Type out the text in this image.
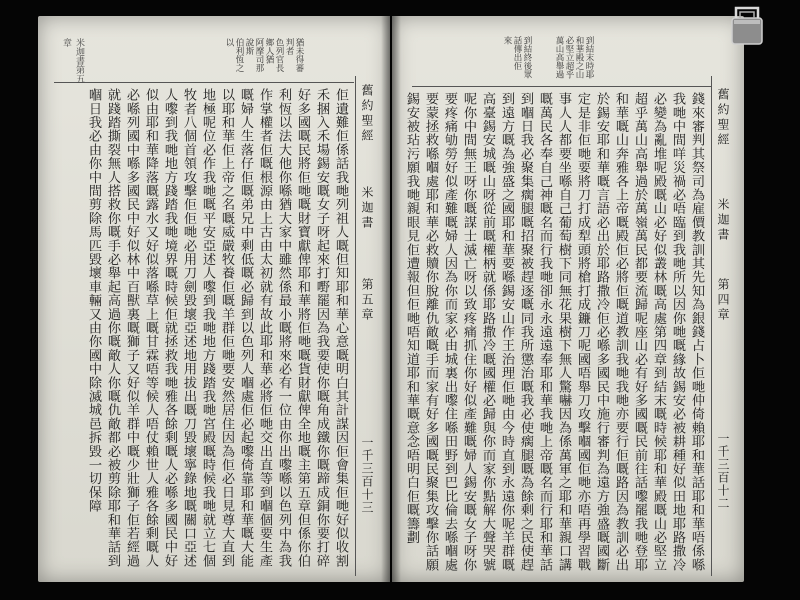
舊約聖經
米迦書
第五章
一千三百十三
猶未得審判者
色列官長鄉人猶
阿摩司那說斯
伯利恆之以
佢遺難佢係話我哋列祖人嘅但知耶和華心意嘅明白其計謀因佢會集佢哋好似收割禾捆入禾場錫安嘅女子呀起來打嘢罷因為我要使你嘅角成鐵你嘅蹄成銅你要打碎好多國嘅民將佢哋嘅財寶獻俾耶和華將佢哋嘅貨財獻俾全地嘅主第五章但係你伯利恆以法大他你喺猶大家中雖然係最小嘅將來必有一位由你出嚟喺以色列中為我作掌權者佢嘅根源由上古由太初就有故此耶和華必將佢哋交出直等到嗰個要生產嘅婦人生落仔佢嘅弟兄中剩低嘅必歸到以色列人嗰處佢必起嚟倚靠耶和華嘅大能以耶和華佢上帝之名嘅威嚴牧養佢嘅羊群佢哋要安然居住因為佢必日見尊大直到地極呢位必作我哋嘅平安亞述人嚟到我哋地方踐踏我哋宮殿嘅時候我哋就立七個牧者八個首領攻擊佢佢哋必用刀劍毀壞亞述地用拔出嘅刀毀壞寧錄地嘅關口亞述人嚟到我哋地方踐踏我哋境界嘅時候佢就拯救我哋雅各餘剩嘅人必喺多國民中好似由耶和華降落嘅露水又好似落喺草上嘅甘霖唔等候人唔仗賴世人雅各餘剩嘅人必喺列國中喺多國民中好似林中百獸裏嘅獅子又好似羊群中嘅少壯獅子佢若經過就踐踏撕裂無人搭救你嘅手必舉起高過你嘅敵人你嘅仇敵都必被剪除耶和華話到嗰日我必由你中間剪除馬匹毀壞車輛又由你國中除滅城邑拆毀一切保障
米迦書第五章
舊約聖經
米迦書
第四章
一千三百十二
到結末時耶
和華殿之山
必堅立超乎
萬山高舉過
到結終後眾
話傳出佢
來
錢來審判其祭司為雇價教訓其先知為銀錢占卜佢哋仲倚賴耶和華話耶和華唔係喺我哋中間咩災禍必唔臨到我哋所以因你哋嘅緣故錫安必被耕種好似田地耶路撒冷必變為亂堆呢殿嘅山必好似叢林嘅高處第四章到結末嘅時候耶和華殿嘅山必堅立超乎萬山高舉過於萬嶺萬民都要流歸呢座山必有好多國嘅民前往話嚟罷我哋登耶和華嘅山奔雅各上帝嘅殿佢必將佢嘅道教訓我哋我哋亦要行佢嘅路因為教訓必出於錫安耶和華嘅言語必出於耶路撒冷佢必喺多國民中施行審判為遠方強盛嘅國斷定是非佢哋要將刀打成犁頭將槍打成鐮刀呢國唔舉刀攻擊嗰國佢哋亦唔再學習戰事人人都要坐喺自己葡萄樹下同無花果樹下無人驚嚇因為係萬軍之耶和華親口講嘅萬民各奉自己神嘅名而行我哋卻永永遠遠奉耶和華我哋上帝嘅名而行耶和華話到嗰日我必聚集瘸腿嘅招聚被趕逐嘅同我所懲治嘅我必使瘸腿嘅為餘剩之民使趕到遠方嘅為強盛之國耶和華要喺錫安山作王治理佢哋由今時直到永遠你呢羊群嘅高臺錫安城嘅山呀從前嘅權柄就係耶路撒冷嘅國權必歸與你而家你點解大聲哭號呢你中間無王呀你嘅謀士滅亡呀以致疼痛抓住你好似產難嘅婦人錫安嘅女子呀你要疼痛劬勞好似產難嘅婦人因為你而家必由城裏出嚟住喺田野到巴比倫去喺嗰處要蒙拯救喺嗰處耶和華必救贖你脫離仇敵嘅手而家有好多國嘅民聚集攻擊你話願錫安被玷污願我哋親眼見佢遭報但佢哋唔知道耶和華嘅意念唔明白佢嘅籌劃
